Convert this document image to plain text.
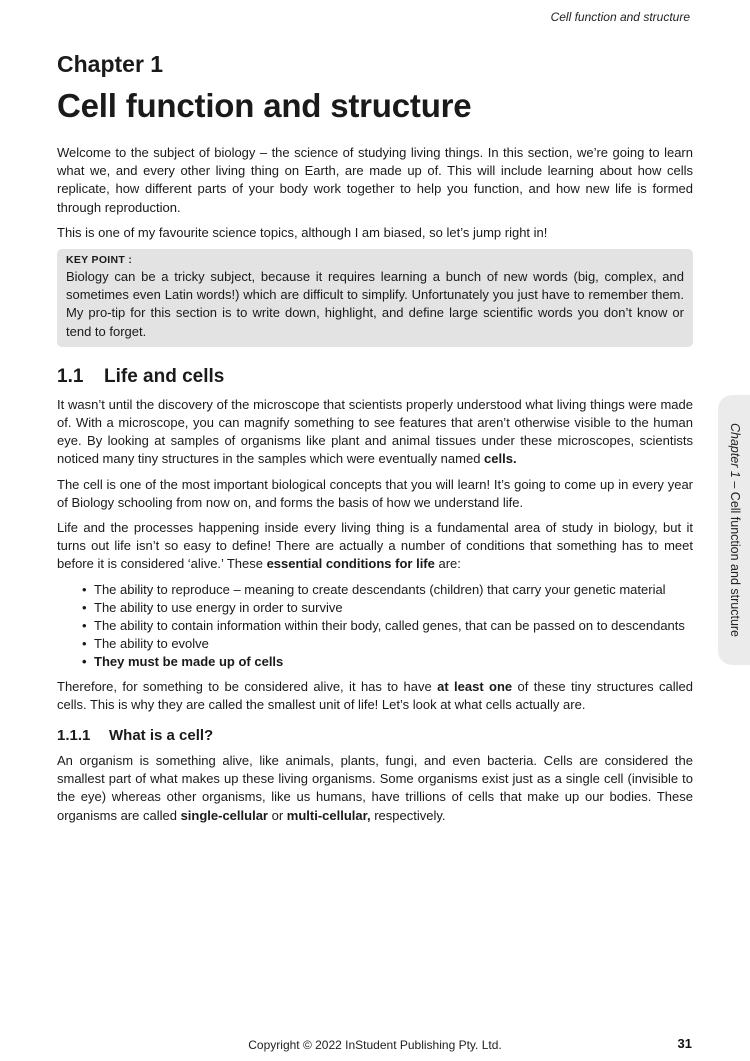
Cell function and structure
Chapter 1
Cell function and structure

Welcome to the subject of biology – the science of studying living things. In this section, we’re going to learn what we, and every other living thing on Earth, are made up of. This will include learning about how cells replicate, how different parts of your body work together to help you function, and how new life is formed through reproduction.

This is one of my favourite science topics, although I am biased, so let’s jump right in!

KEY POINT :

Biology can be a tricky subject, because it requires learning a bunch of new words (big, complex, and sometimes even Latin words!) which are difficult to simplify. Unfortunately you just have to remember them. My pro-tip for this section is to write down, highlight, and define large scientific words you don’t know or tend to forget.

1.1 Life and cells

It wasn’t until the discovery of the microscope that scientists properly understood what living things were made of. With a microscope, you can magnify something to see features that aren’t otherwise visible to the human eye. By looking at samples of organisms like plant and animal tissues under these microscopes, scientists noticed many tiny structures in the samples which were eventually named cells.

The cell is one of the most important biological concepts that you will learn! It’s going to come up in every year of Biology schooling from now on, and forms the basis of how we understand life.

Life and the processes happening inside every living thing is a fundamental area of study in biology, but it turns out life isn’t so easy to define! There are actually a number of conditions that something has to meet before it is considered ‘alive.’ These essential conditions for life are:

• The ability to reproduce – meaning to create descendants (children) that carry your genetic material
• The ability to use energy in order to survive
• The ability to contain information within their body, called genes, that can be passed on to descendants
• The ability to evolve
• They must be made up of cells

Therefore, for something to be considered alive, it has to have at least one of these tiny structures called cells. This is why they are called the smallest unit of life! Let’s look at what cells actually are.

1.1.1 What is a cell?

An organism is something alive, like animals, plants, fungi, and even bacteria. Cells are considered the smallest part of what makes up these living organisms. Some organisms exist just as a single cell (invisible to the eye) whereas other organisms, like us humans, have trillions of cells that make up our bodies. These organisms are called single-cellular or multi-cellular, respectively.

Chapter 1 – Cell function and structure
Copyright © 2022 InStudent Publishing Pty. Ltd.	31
